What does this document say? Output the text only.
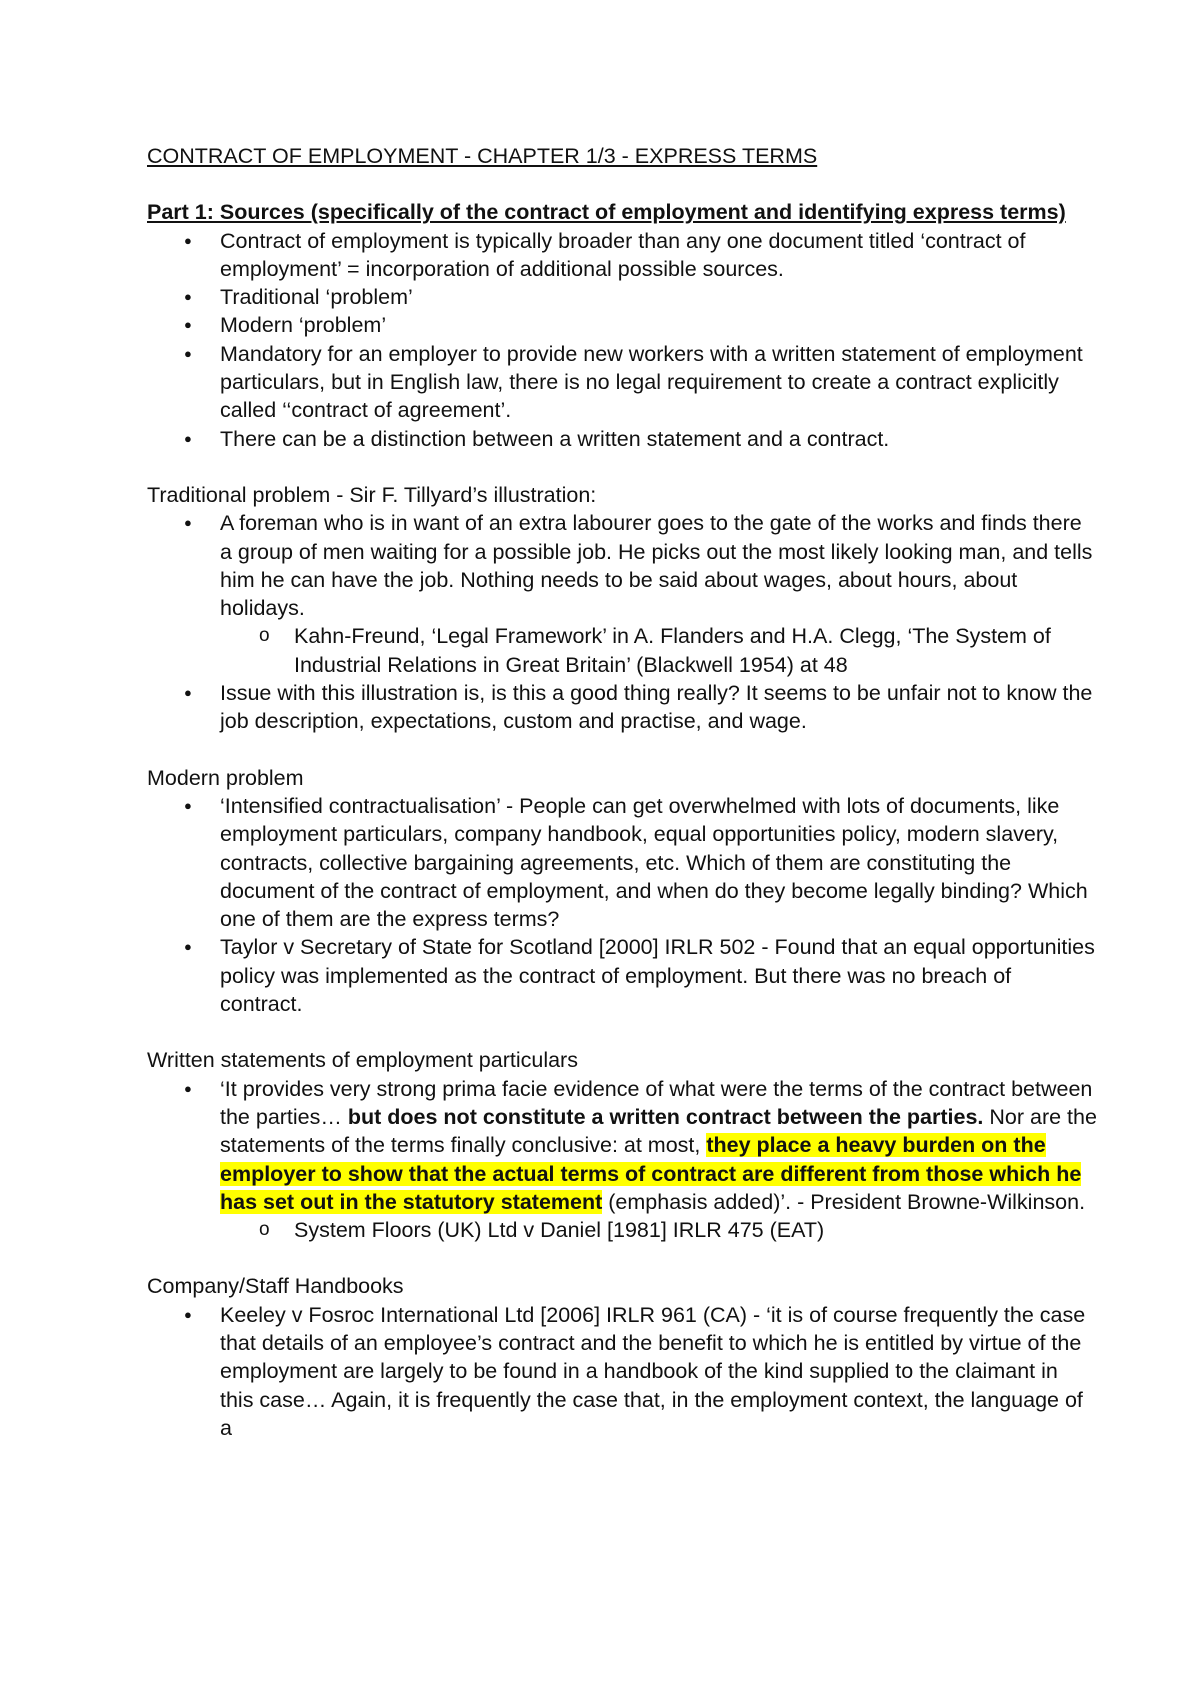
CONTRACT OF EMPLOYMENT - CHAPTER 1/3 - EXPRESS TERMS
Part 1: Sources (specifically of the contract of employment and identifying express terms)
● Contract of employment is typically broader than any one document titled ‘contract of employment’ = incorporation of additional possible sources.
● Traditional ‘problem’
● Modern ‘problem’
● Mandatory for an employer to provide new workers with a written statement of employment particulars, but in English law, there is no legal requirement to create a contract explicitly called ‘‘contract of agreement’.
● There can be a distinction between a written statement and a contract.
Traditional problem - Sir F. Tillyard’s illustration:
● A foreman who is in want of an extra labourer goes to the gate of the works and finds there a group of men waiting for a possible job. He picks out the most likely looking man, and tells him he can have the job. Nothing needs to be said about wages, about hours, about holidays.
o Kahn-Freund, ‘Legal Framework’ in A. Flanders and H.A. Clegg, ‘The System of Industrial Relations in Great Britain’ (Blackwell 1954) at 48
● Issue with this illustration is, is this a good thing really? It seems to be unfair not to know the job description, expectations, custom and practise, and wage.
Modern problem
● ‘Intensified contractualisation’ - People can get overwhelmed with lots of documents, like employment particulars, company handbook, equal opportunities policy, modern slavery, contracts, collective bargaining agreements, etc. Which of them are constituting the document of the contract of employment, and when do they become legally binding? Which one of them are the express terms?
● Taylor v Secretary of State for Scotland [2000] IRLR 502 - Found that an equal opportunities policy was implemented as the contract of employment. But there was no breach of contract.
Written statements of employment particulars
● ‘It provides very strong prima facie evidence of what were the terms of the contract between the parties… but does not constitute a written contract between the parties. Nor are the statements of the terms finally conclusive: at most, they place a heavy burden on the employer to show that the actual terms of contract are different from those which he has set out in the statutory statement (emphasis added)’. - President Browne-Wilkinson.
o System Floors (UK) Ltd v Daniel [1981] IRLR 475 (EAT)
Company/Staff Handbooks
● Keeley v Fosroc International Ltd [2006] IRLR 961 (CA) - ‘it is of course frequently the case that details of an employee’s contract and the benefit to which he is entitled by virtue of the employment are largely to be found in a handbook of the kind supplied to the claimant in this case… Again, it is frequently the case that, in the employment context, the language of a
